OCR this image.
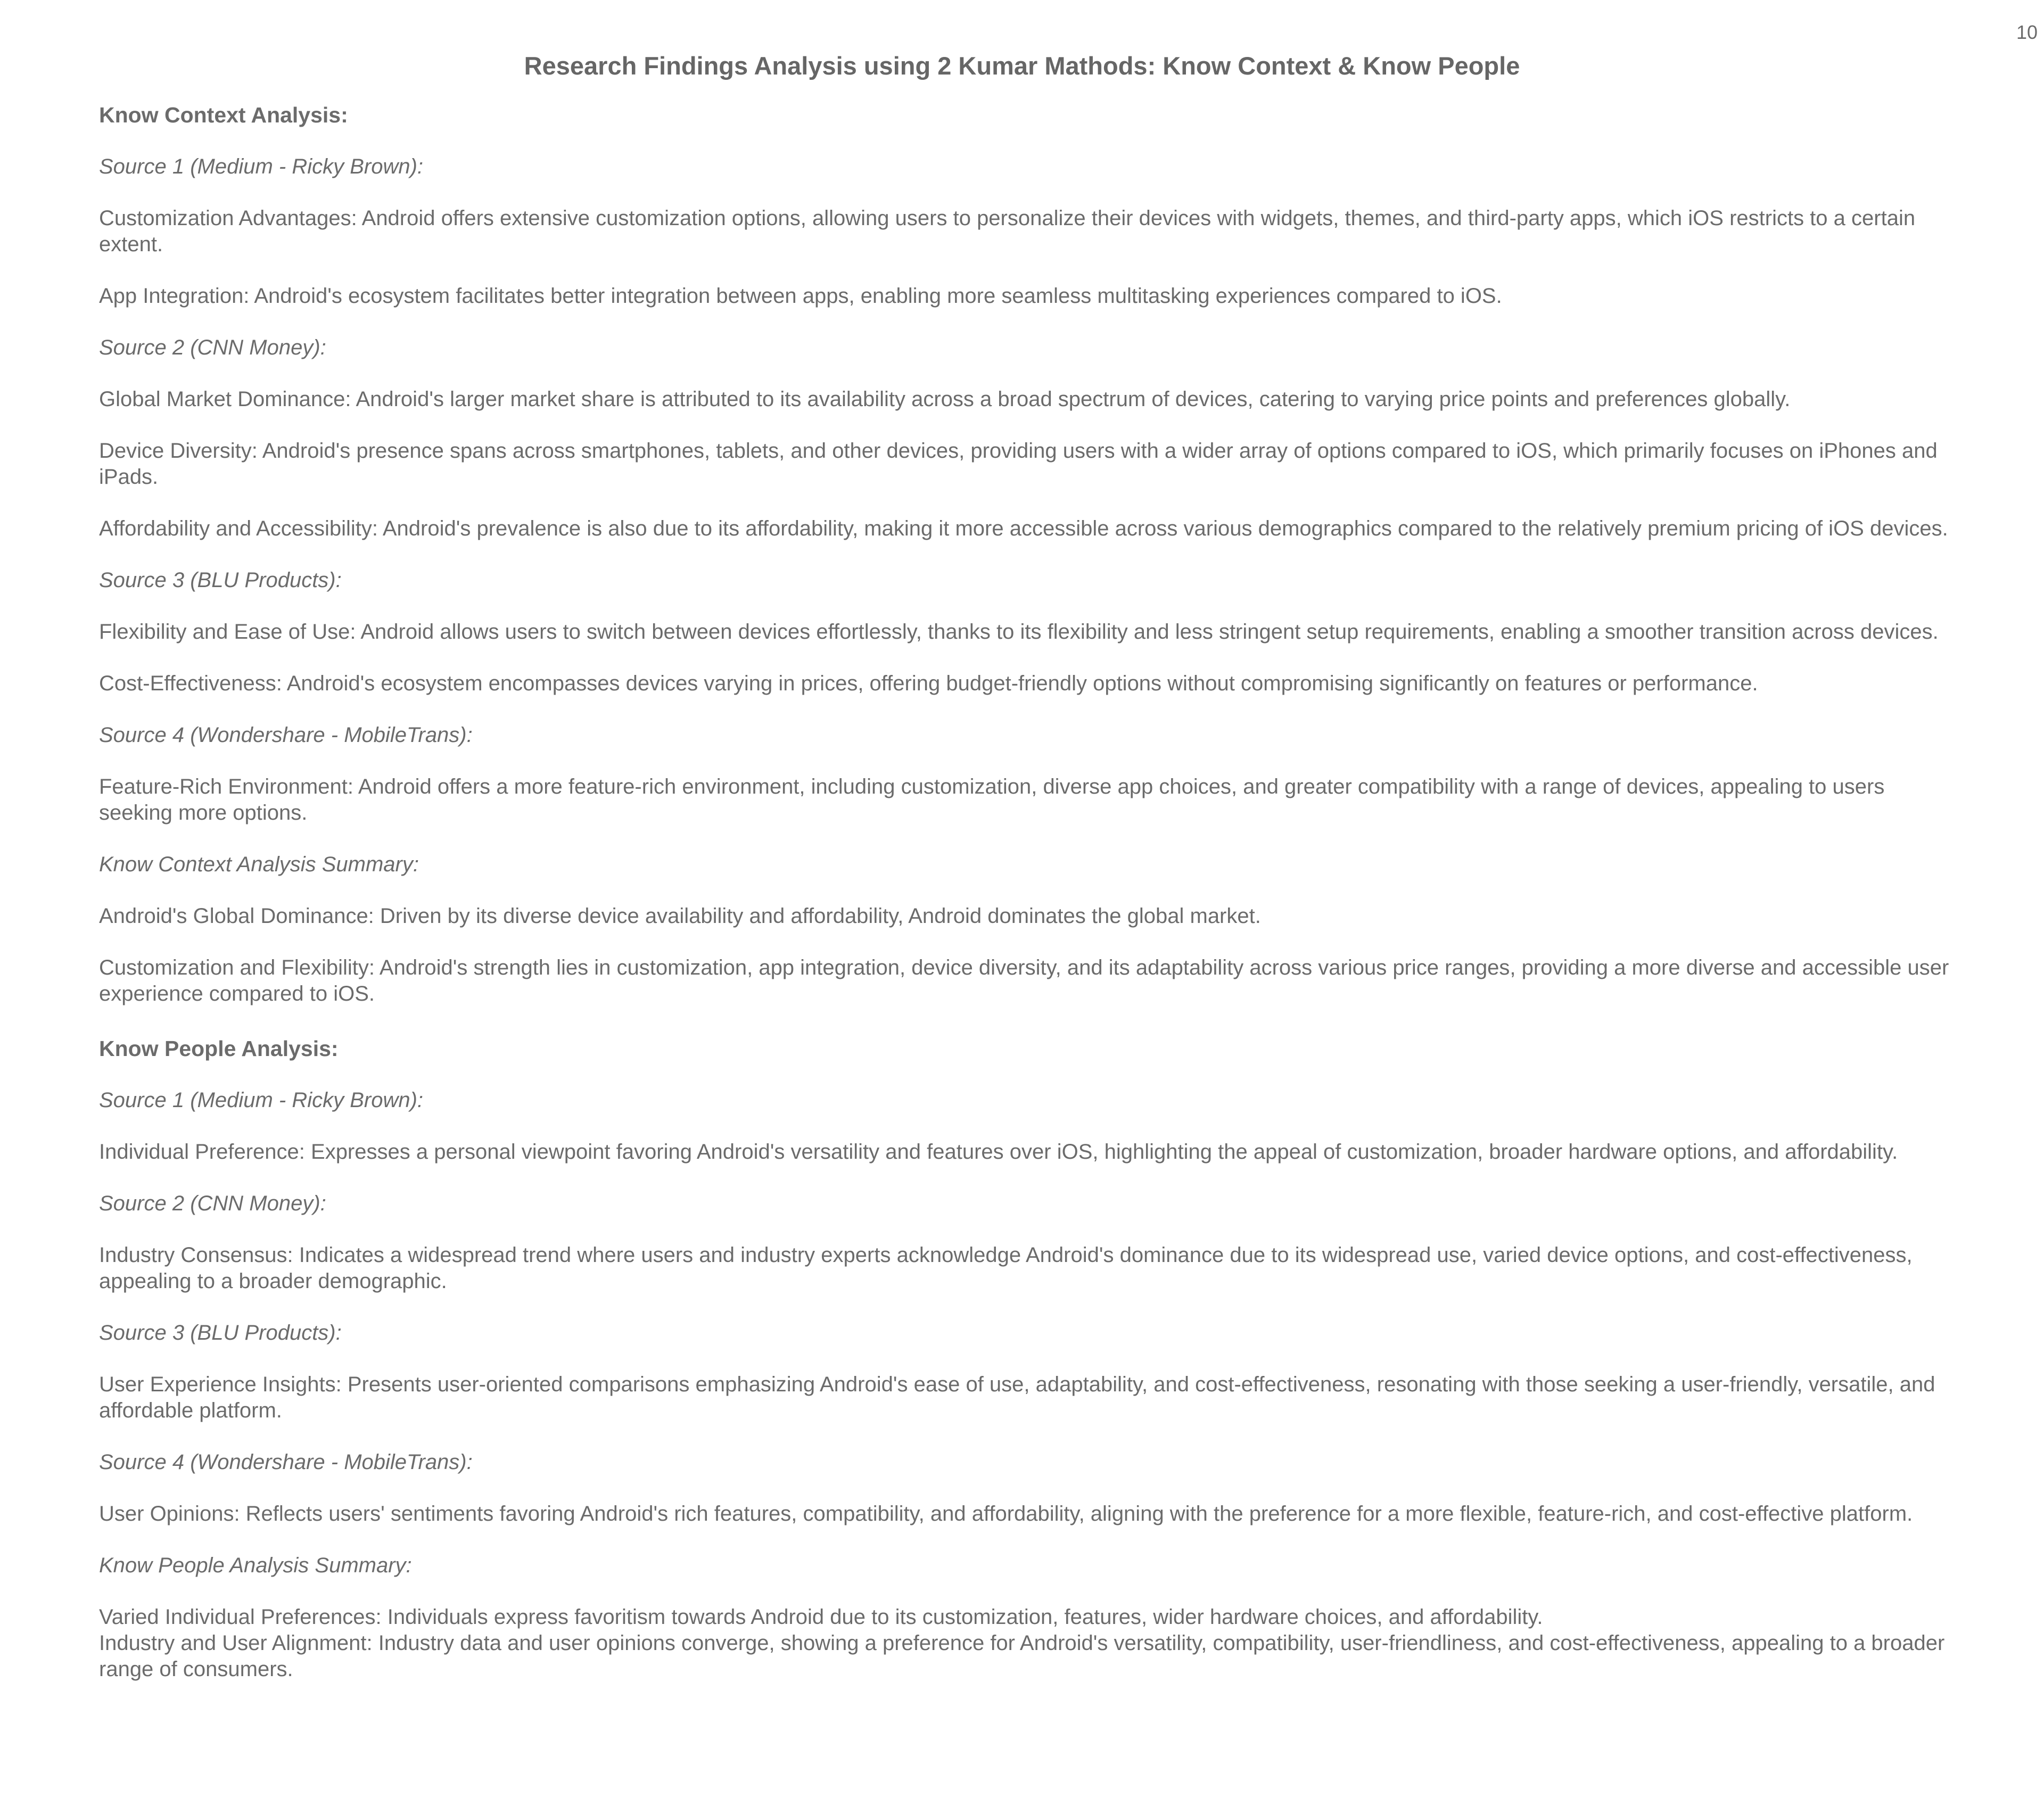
10
Research Findings Analysis using 2 Kumar Mathods: Know Context & Know People
Know Context Analysis:
Source 1 (Medium - Ricky Brown):
Customization Advantages: Android offers extensive customization options, allowing users to personalize their devices with widgets, themes, and third-party apps, which iOS restricts to a certain extent.
App Integration: Android's ecosystem facilitates better integration between apps, enabling more seamless multitasking experiences compared to iOS.
Source 2 (CNN Money):
Global Market Dominance: Android's larger market share is attributed to its availability across a broad spectrum of devices, catering to varying price points and preferences globally.
Device Diversity: Android's presence spans across smartphones, tablets, and other devices, providing users with a wider array of options compared to iOS, which primarily focuses on iPhones and iPads.
Affordability and Accessibility: Android's prevalence is also due to its affordability, making it more accessible across various demographics compared to the relatively premium pricing of iOS devices.
Source 3 (BLU Products):
Flexibility and Ease of Use: Android allows users to switch between devices effortlessly, thanks to its flexibility and less stringent setup requirements, enabling a smoother transition across devices.
Cost-Effectiveness: Android's ecosystem encompasses devices varying in prices, offering budget-friendly options without compromising significantly on features or performance.
Source 4 (Wondershare - MobileTrans):
Feature-Rich Environment: Android offers a more feature-rich environment, including customization, diverse app choices, and greater compatibility with a range of devices, appealing to users seeking more options.
Know Context Analysis Summary:
Android's Global Dominance: Driven by its diverse device availability and affordability, Android dominates the global market.
Customization and Flexibility: Android's strength lies in customization, app integration, device diversity, and its adaptability across various price ranges, providing a more diverse and accessible user experience compared to iOS.
Know People Analysis:
Source 1 (Medium - Ricky Brown):
Individual Preference: Expresses a personal viewpoint favoring Android's versatility and features over iOS, highlighting the appeal of customization, broader hardware options, and affordability.
Source 2 (CNN Money):
Industry Consensus: Indicates a widespread trend where users and industry experts acknowledge Android's dominance due to its widespread use, varied device options, and cost-effectiveness, appealing to a broader demographic.
Source 3 (BLU Products):
User Experience Insights: Presents user-oriented comparisons emphasizing Android's ease of use, adaptability, and cost-effectiveness, resonating with those seeking a user-friendly, versatile, and affordable platform.
Source 4 (Wondershare - MobileTrans):
User Opinions: Reflects users' sentiments favoring Android's rich features, compatibility, and affordability, aligning with the preference for a more flexible, feature-rich, and cost-effective platform.
Know People Analysis Summary:
Varied Individual Preferences: Individuals express favoritism towards Android due to its customization, features, wider hardware choices, and affordability.
Industry and User Alignment: Industry data and user opinions converge, showing a preference for Android's versatility, compatibility, user-friendliness, and cost-effectiveness, appealing to a broader range of consumers.
